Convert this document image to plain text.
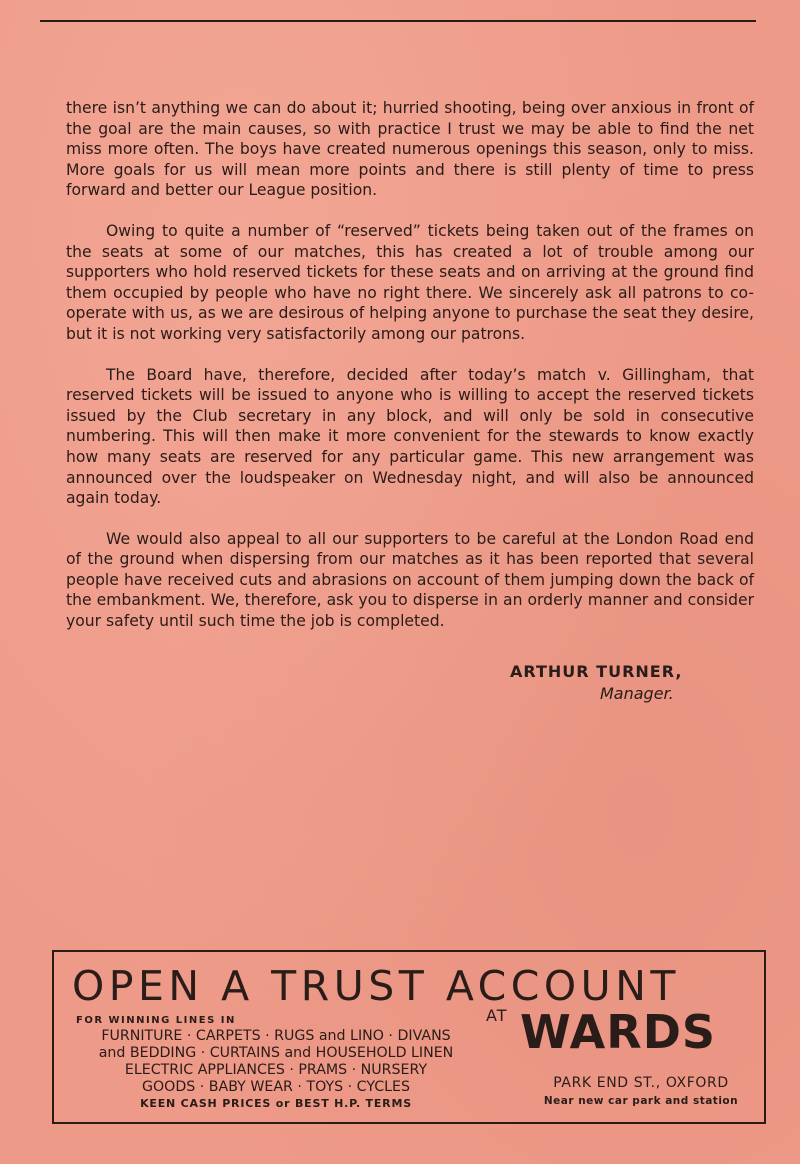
there isn’t anything we can do about it; hurried shooting, being over anxious in front of the goal are the main causes, so with practice I trust we may be able to find the net miss more often. The boys have created numerous openings this season, only to miss. More goals for us will mean more points and there is still plenty of time to press forward and better our League position.

Owing to quite a number of “reserved” tickets being taken out of the frames on the seats at some of our matches, this has created a lot of trouble among our supporters who hold reserved tickets for these seats and on arriving at the ground find them occupied by people who have no right there. We sincerely ask all patrons to co-operate with us, as we are desirous of helping anyone to purchase the seat they desire, but it is not working very satisfactorily among our patrons.

The Board have, therefore, decided after today’s match v. Gillingham, that reserved tickets will be issued to anyone who is willing to accept the reserved tickets issued by the Club secretary in any block, and will only be sold in consecutive numbering. This will then make it more convenient for the stewards to know exactly how many seats are reserved for any particular game. This new arrangement was announced over the loudspeaker on Wednesday night, and will also be announced again today.

We would also appeal to all our supporters to be careful at the London Road end of the ground when dispersing from our matches as it has been reported that several people have received cuts and abrasions on account of them jumping down the back of the embankment. We, therefore, ask you to disperse in an orderly manner and consider your safety until such time the job is completed.

ARTHUR TURNER,
Manager.
OPEN A TRUST ACCOUNT
FOR WINNING LINES IN
FURNITURE · CARPETS · RUGS and LINO · DIVANS
and BEDDING · CURTAINS and HOUSEHOLD LINEN
ELECTRIC APPLIANCES · PRAMS · NURSERY
GOODS · BABY WEAR · TOYS · CYCLES
KEEN CASH PRICES or BEST H.P. TERMS
AT WARDS
PARK END ST., OXFORD
Near new car park and station
